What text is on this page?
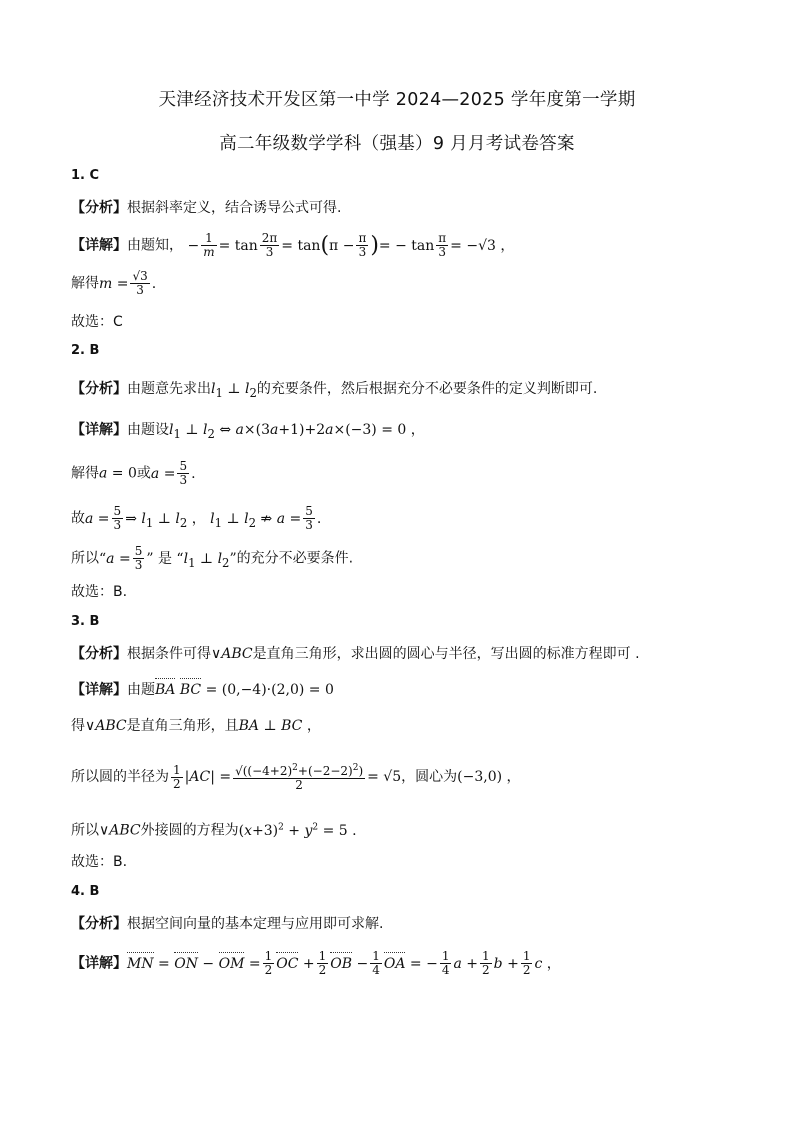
天津经济技术开发区第一中学 2024—2025 学年度第一学期
高二年级数学学科（强基）9 月月考试卷答案
1. C
【分析】根据斜率定义，结合诱导公式可得.
【详解】由题知， − $\frac{1}{m} = \tan \frac{2\pi}{3} = \tan(\pi - \frac{\pi}{3}$ )= − $\tan \frac{\pi}{3} = -√3$ ，
解得$m = \frac{√3}{3}$ .
故选：C
2. B
【分析】由题意先求出$l_1$ ⊥ $l_2$的充要条件，然后根据充分不必要条件的定义判断即可.
【详解】由题设$l_1$ ⊥ $l_2$ ⇔ a×(3a+1)+2a×(−3) = 0 ，
解得a = 0或$a = \frac{5}{3}$ .
故$a = \frac{5}{3}$ ⇒ $l_1$ ⊥ $l_2$ ， $l_1$ ⊥ $l_2$ ⇏ $a = \frac{5}{3}$ .
所以“$a = \frac{5}{3}$ ” 是 “$l_1$ ⊥ $l_2$”的充分不必要条件.
故选：B.
3. B
【分析】根据条件可得∨ABC是直角三角形，求出圆的圆心与半径，写出圆的标准方程即可 .
【详解】由题BA BC = (0,−4)·(2,0) = 0
得∨ABC是直角三角形，且BA ⊥ BC ，
所以圆的半径为 $\frac{1}{2} |AC| = \frac{√((-4+2)^2+(-2-2)^2)}{2} = √5$，圆心为(−3,0) ，
所以∨ABC外接圆的方程为$(x+3)^2 + y^2 = 5$ .
故选：B.
4. B
【分析】根据空间向量的基本定理与应用即可求解.
【详解】MN = ON − OM = $\frac{1}{2}$ OC + $\frac{1}{2}$ OB − $\frac{1}{4}$ OA = − $\frac{1}{4}$ $a + \frac{1}{2}$ $b + \frac{1}{2}$ c ，
